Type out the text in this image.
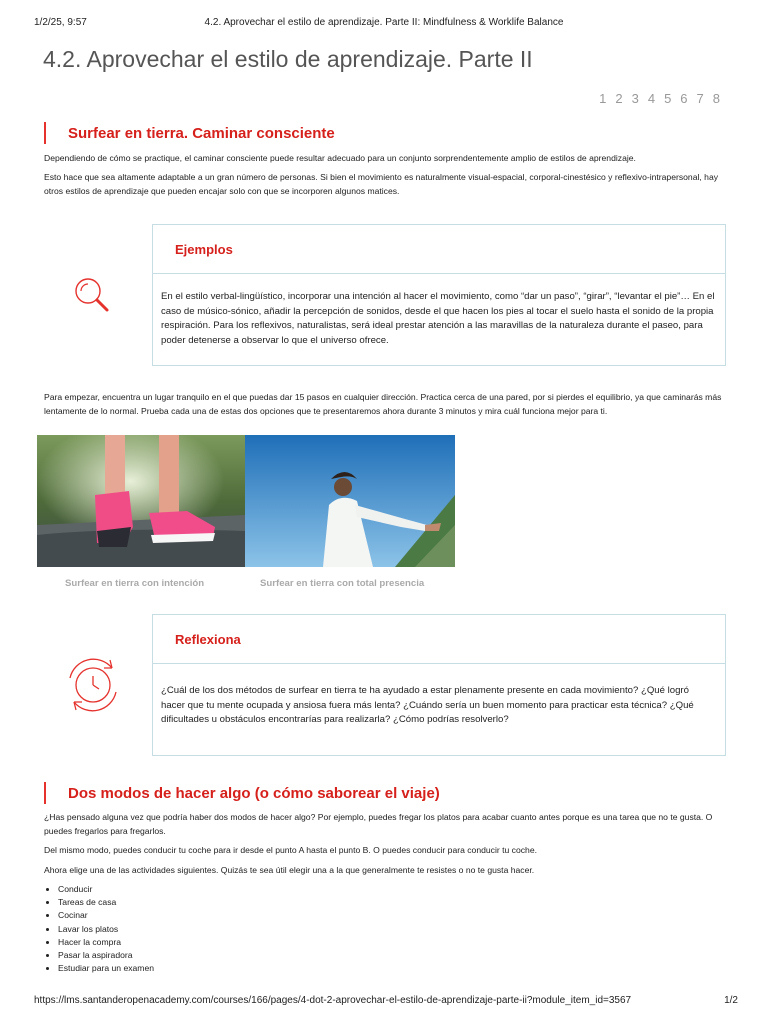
1/2/25, 9:57	4.2. Aprovechar el estilo de aprendizaje. Parte II: Mindfulness & Worklife Balance
4.2. Aprovechar el estilo de aprendizaje. Parte II
1 2 3 4 5 6 7 8
Surfear en tierra. Caminar consciente

Dependiendo de cómo se practique, el caminar consciente puede resultar adecuado para un conjunto sorprendentemente amplio de estilos de aprendizaje.

Esto hace que sea altamente adaptable a un gran número de personas. Si bien el movimiento es naturalmente visual-espacial, corporal-cinestésico y reflexivo-intrapersonal, hay otros estilos de aprendizaje que pueden encajar solo con que se incorporen algunos matices.

Ejemplos
En el estilo verbal-lingüístico, incorporar una intención al hacer el movimiento, como “dar un paso”, “girar”, “levantar el pie”… En el caso de músico-sónico, añadir la percepción de sonidos, desde el que hacen los pies al tocar el suelo hasta el sonido de la propia respiración. Para los reflexivos, naturalistas, será ideal prestar atención a las maravillas de la naturaleza durante el paseo, para poder detenerse a observar lo que el universo ofrece.

Para empezar, encuentra un lugar tranquilo en el que puedas dar 15 pasos en cualquier dirección. Practica cerca de una pared, por si pierdes el equilibrio, ya que caminarás más lentamente de lo normal. Prueba cada una de estas dos opciones que te presentaremos ahora durante 3 minutos y mira cuál funciona mejor para ti.

Surfear en tierra con intención	Surfear en tierra con total presencia
Reflexiona
¿Cuál de los dos métodos de surfear en tierra te ha ayudado a estar plenamente presente en cada movimiento? ¿Qué logró hacer que tu mente ocupada y ansiosa fuera más lenta? ¿Cuándo sería un buen momento para practicar esta técnica? ¿Qué dificultades u obstáculos encontrarías para realizarla? ¿Cómo podrías resolverlo?
Dos modos de hacer algo (o cómo saborear el viaje)

¿Has pensado alguna vez que podría haber dos modos de hacer algo? Por ejemplo, puedes fregar los platos para acabar cuanto antes porque es una tarea que no te gusta. O puedes fregarlos para fregarlos.

Del mismo modo, puedes conducir tu coche para ir desde el punto A hasta el punto B. O puedes conducir para conducir tu coche.

Ahora elige una de las actividades siguientes. Quizás te sea útil elegir una a la que generalmente te resistes o no te gusta hacer.

• Conducir
• Tareas de casa
• Cocinar
• Lavar los platos
• Hacer la compra
• Pasar la aspiradora
• Estudiar para un examen
https://lms.santanderopenacademy.com/courses/166/pages/4-dot-2-aprovechar-el-estilo-de-aprendizaje-parte-ii?module_item_id=3567	1/2
